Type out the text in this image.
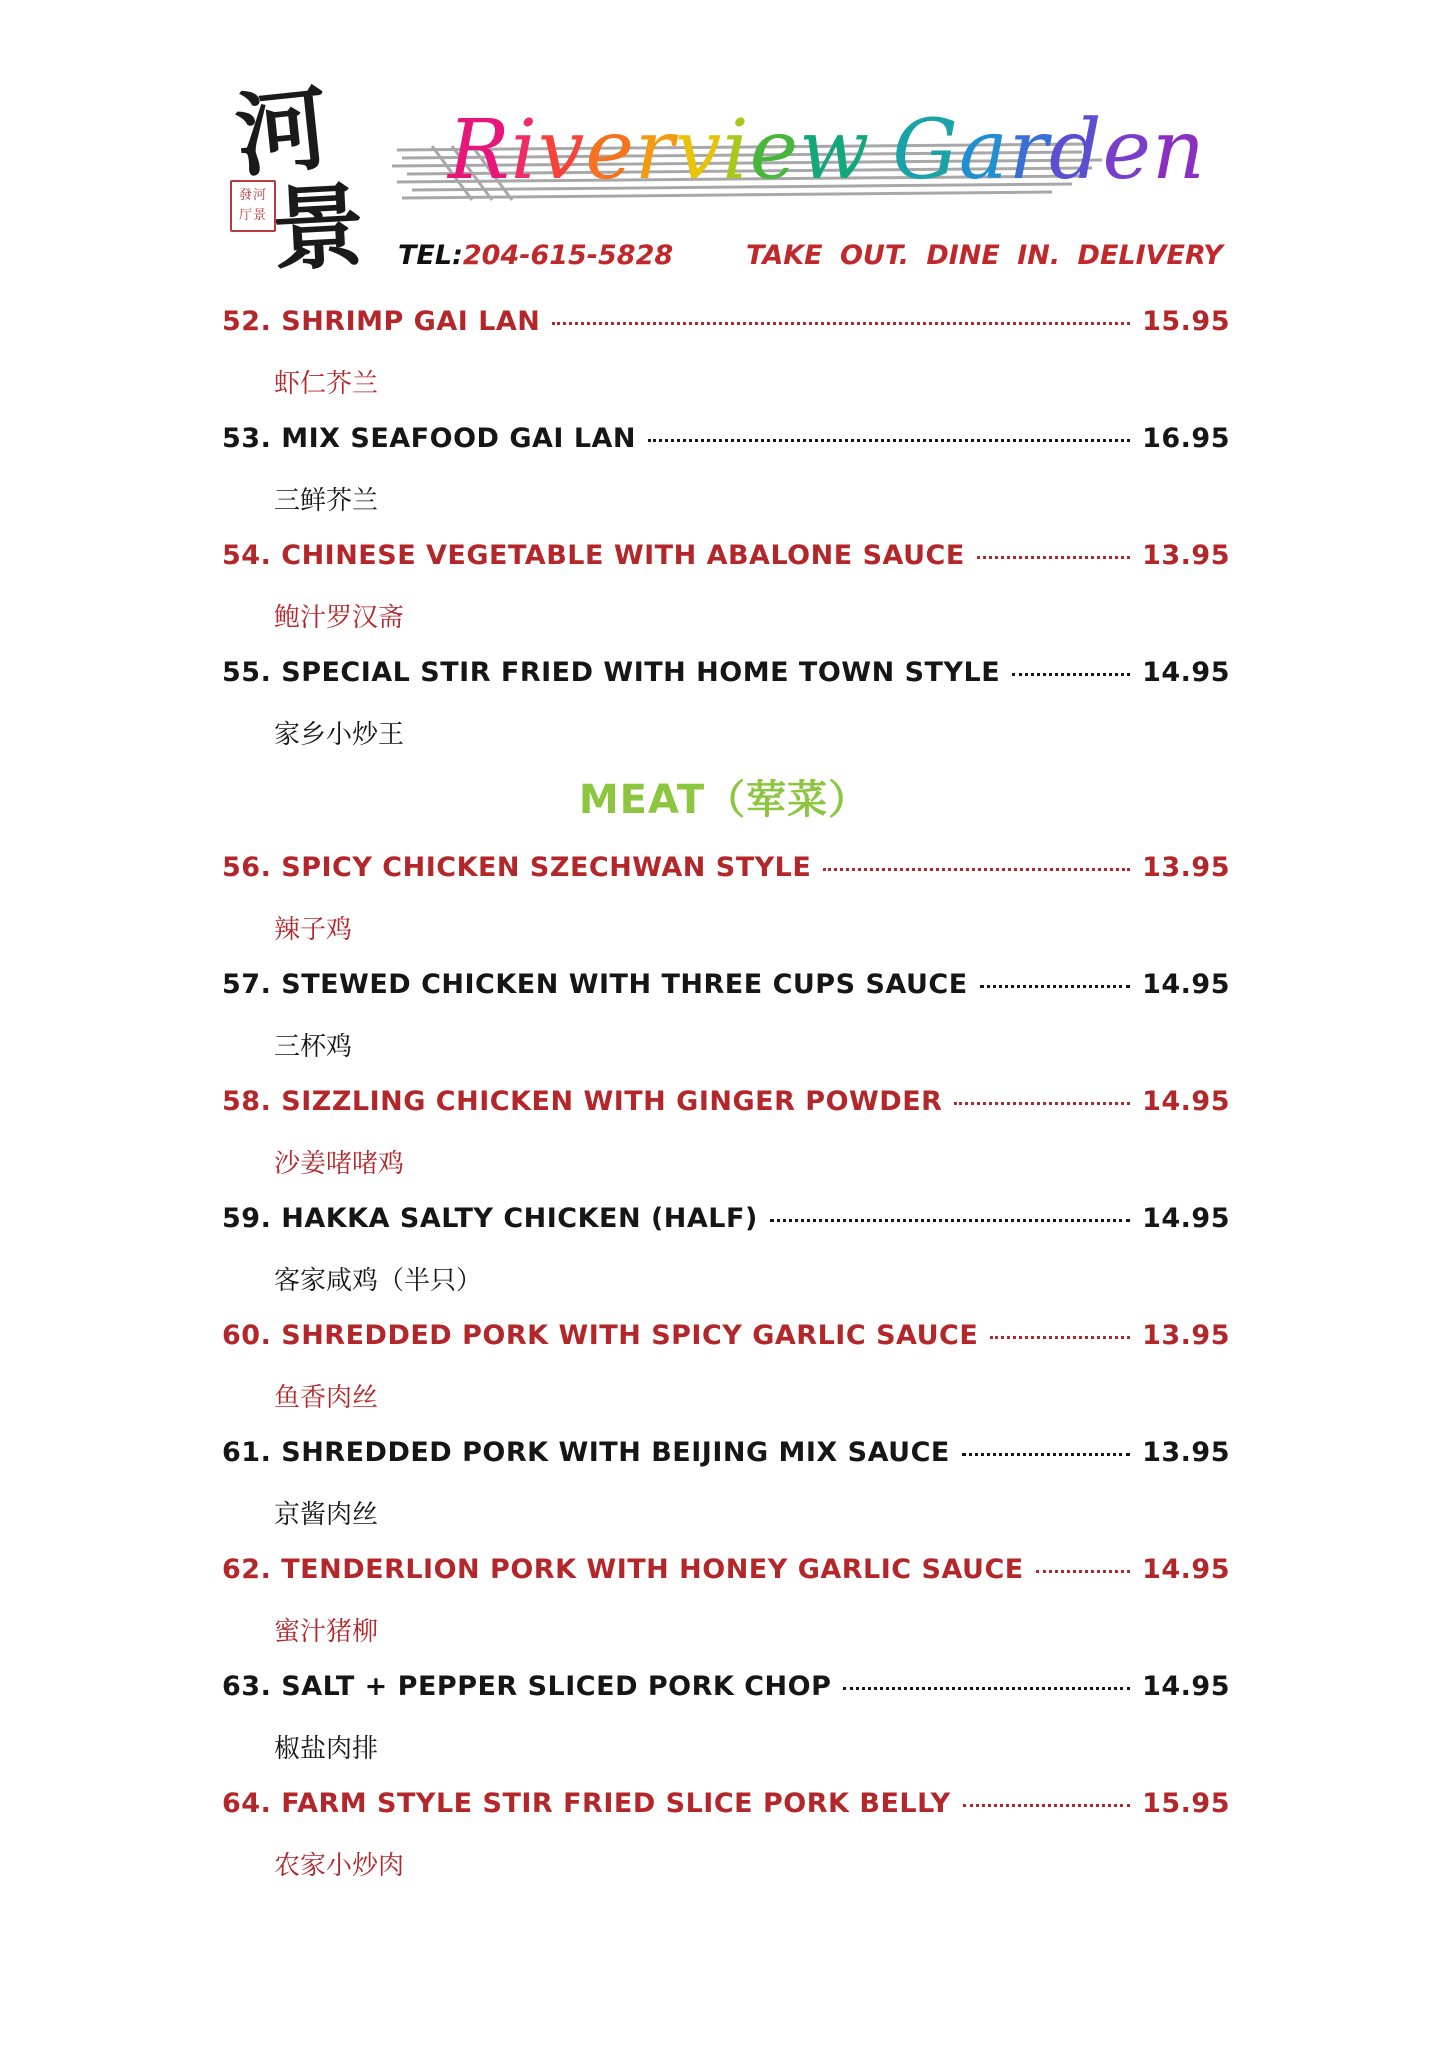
河
景
發河
厅景
Riverview Garden
TEL:204-615-5828	TAKE OUT. DINE IN. DELIVERY
52. SHRIMP GAI LAN	15.95
虾仁芥兰
53. MIX SEAFOOD GAI LAN	16.95
三鲜芥兰
54. CHINESE VEGETABLE WITH ABALONE SAUCE	13.95
鲍汁罗汉斋
55. SPECIAL STIR FRIED WITH HOME TOWN STYLE	14.95
家乡小炒王
MEAT（荤菜）
56. SPICY CHICKEN SZECHWAN STYLE	13.95
辣子鸡
57. STEWED CHICKEN WITH THREE CUPS SAUCE	14.95
三杯鸡
58. SIZZLING CHICKEN WITH GINGER POWDER	14.95
沙姜啫啫鸡
59. HAKKA SALTY CHICKEN (HALF)	14.95
客家咸鸡（半只）
60. SHREDDED PORK WITH SPICY GARLIC SAUCE	13.95
鱼香肉丝
61. SHREDDED PORK WITH BEIJING MIX SAUCE	13.95
京酱肉丝
62. TENDERLION PORK WITH HONEY GARLIC SAUCE	14.95
蜜汁猪柳
63. SALT + PEPPER SLICED PORK CHOP	14.95
椒盐肉排
64. FARM STYLE STIR FRIED SLICE PORK BELLY	15.95
农家小炒肉
